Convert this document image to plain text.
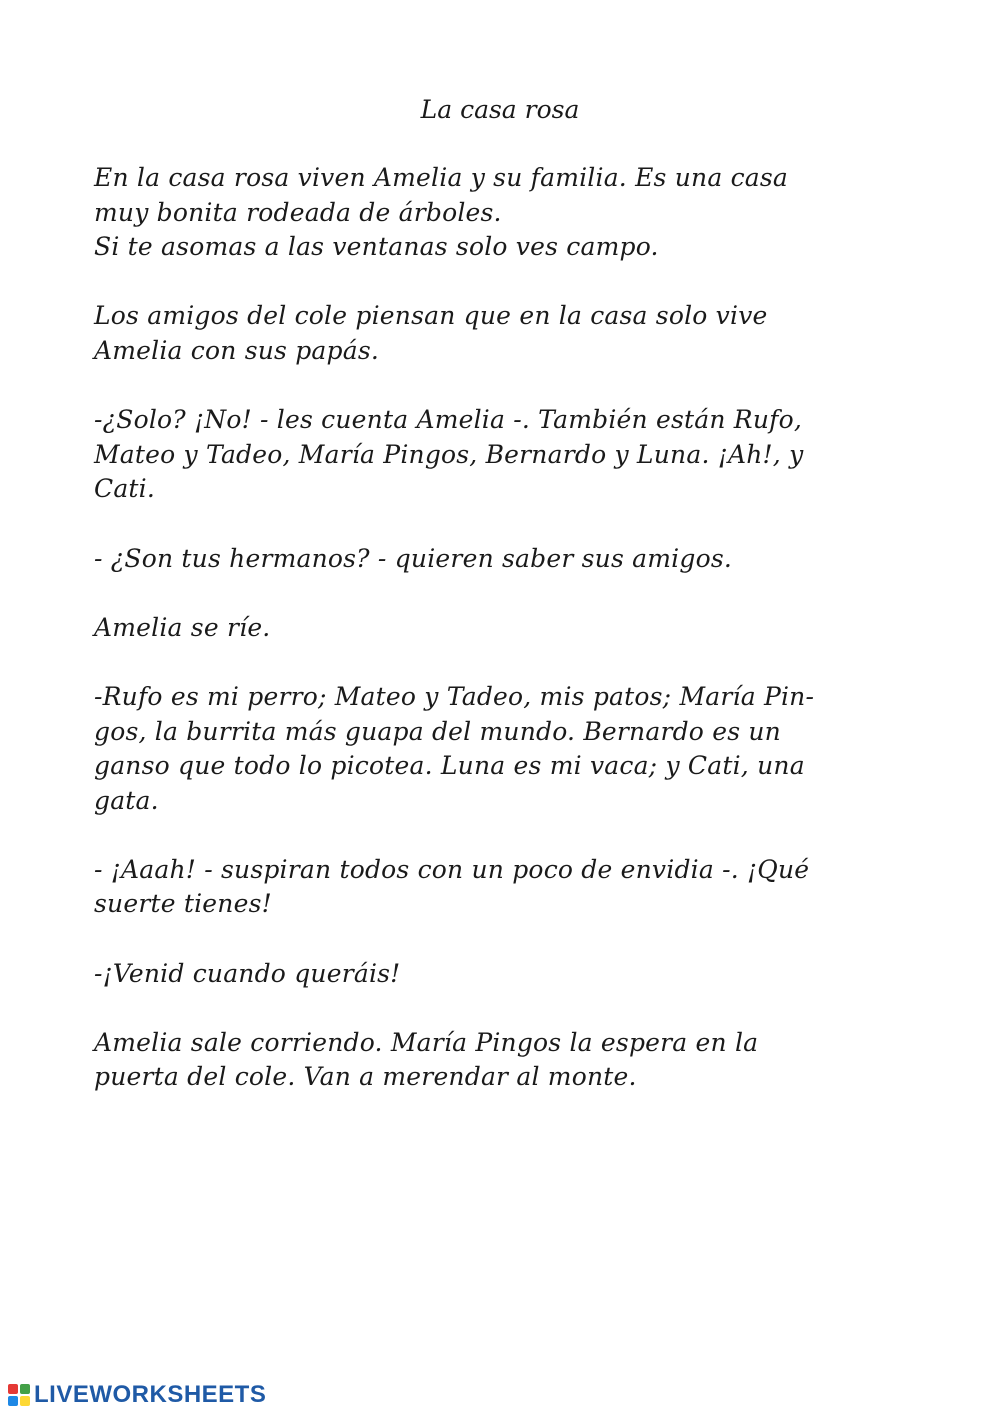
La casa rosa
En la casa rosa viven Amelia y su familia. Es una casa
muy bonita rodeada de árboles.
Si te asomas a las ventanas solo ves campo.
Los amigos del cole piensan que en la casa solo vive
Amelia con sus papás.
-¿Solo? ¡No! - les cuenta Amelia -. También están Rufo,
Mateo y Tadeo, María Pingos, Bernardo y Luna. ¡Ah!, y
Cati.
- ¿Son tus hermanos? - quieren saber sus amigos.
Amelia se ríe.
-Rufo es mi perro; Mateo y Tadeo, mis patos; María Pin-
gos, la burrita más guapa del mundo. Bernardo es un
ganso que todo lo picotea. Luna es mi vaca; y Cati, una
gata.
- ¡Aaah! - suspiran todos con un poco de envidia -. ¡Qué
suerte tienes!
-¡Venid cuando queráis!
Amelia sale corriendo. María Pingos la espera en la
puerta del cole. Van a merendar al monte.
LIVEWORKSHEETS
